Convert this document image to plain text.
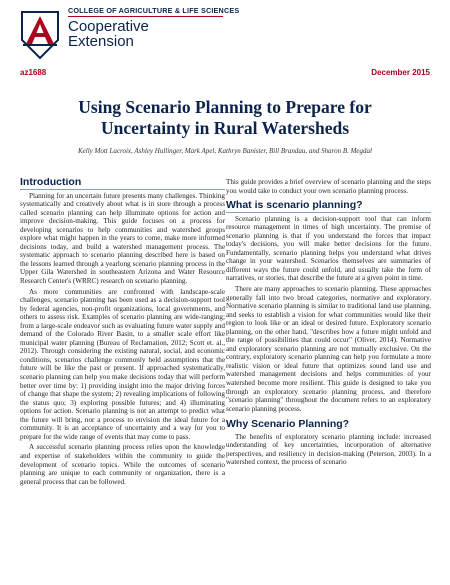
COLLEGE OF AGRICULTURE & LIFE SCIENCES
Cooperative
Extension
az1688	December 2015
Using Scenario Planning to Prepare for Uncertainty in Rural Watersheds
Kelly Mott Lacroix, Ashley Hullinger, Mark Apel, Kathryn Banister, Bill Brandau, and Sharon B. Megdal
Introduction

Planning for an uncertain future presents many challenges. Thinking systematically and creatively about what is in store through a process called scenario planning can help illuminate options for action and improve decision-making. This guide focuses on a process for developing scenarios to help communities and watershed groups explore what might happen in the years to come, make more informed decisions today, and build a watershed management process. The systematic approach to scenario planning described here is based on the lessons learned through a yearlong scenario planning process in the Upper Gila Watershed in southeastern Arizona and Water Resource Research Center's (WRRC) research on scenario planning.

As more communities are confronted with landscape-scale challenges, scenario planning has been used as a decision-support tool by federal agencies, non-profit organizations, local governments, and others to assess risk. Examples of scenario planning are wide-ranging; from a large-scale endeavor such as evaluating future water supply and demand of the Colorado River Basin, to a smaller scale effort like municipal water planning (Bureau of Reclamation, 2012; Scott et. al., 2012). Through considering the existing natural, social, and economic conditions, scenarios challenge commonly held assumptions that the future will be like the past or present. If approached systematically, scenario planning can help you make decisions today that will perform better over time by: 1) providing insight into the major driving forces of change that shape the system; 2) revealing implications of following the status quo; 3) exploring possible futures; and 4) illuminating options for action. Scenario planning is not an attempt to predict what the future will bring, nor a process to envision the ideal future for a community. It is an acceptance of uncertainty and a way for you to prepare for the wide range of events that may come to pass.

A successful scenario planning process relies upon the knowledge and expertise of stakeholders within the community to guide the development of scenario topics. While the outcomes of scenario planning are unique to each community or organization, there is a general process that can be followed.

This guide provides a brief overview of scenario planning and the steps you would take to conduct your own scenario planning process.

What is scenario planning?

Scenario planning is a decision-support tool that can inform resource management in times of high uncertainty. The premise of scenario planning is that if you understand the forces that impact today's decisions, you will make better decisions for the future. Fundamentally, scenario planning helps you understand what drives change in your watershed. Scenarios themselves are summaries of different ways the future could unfold, and usually take the form of narratives, or stories, that describe the future at a given point in time.

There are many approaches to scenario planning. These approaches generally fall into two broad categories, normative and exploratory. Normative scenario planning is similar to traditional land use planning, and seeks to establish a vision for what communities would like their region to look like or an ideal or desired future. Exploratory scenario planning, on the other hand, "describes how a future might unfold and the range of possibilities that could occur" (Oliver, 2014). Normative and exploratory scenario planning are not mutually exclusive. On the contrary, exploratory scenario planning can help you formulate a more realistic vision or ideal future that optimizes sound land use and watershed management decisions and helps communities of your watershed become more resilient. This guide is designed to take you through an exploratory scenario planning process, and therefore "scenario planning" throughout the document refers to an exploratory scenario planning process.

Why Scenario Planning?

The benefits of exploratory scenario planning include: increased understanding of key uncertainties, incorporation of alternative perspectives, and resiliency in decision-making (Peterson, 2003). In a watershed context, the process of scenario
